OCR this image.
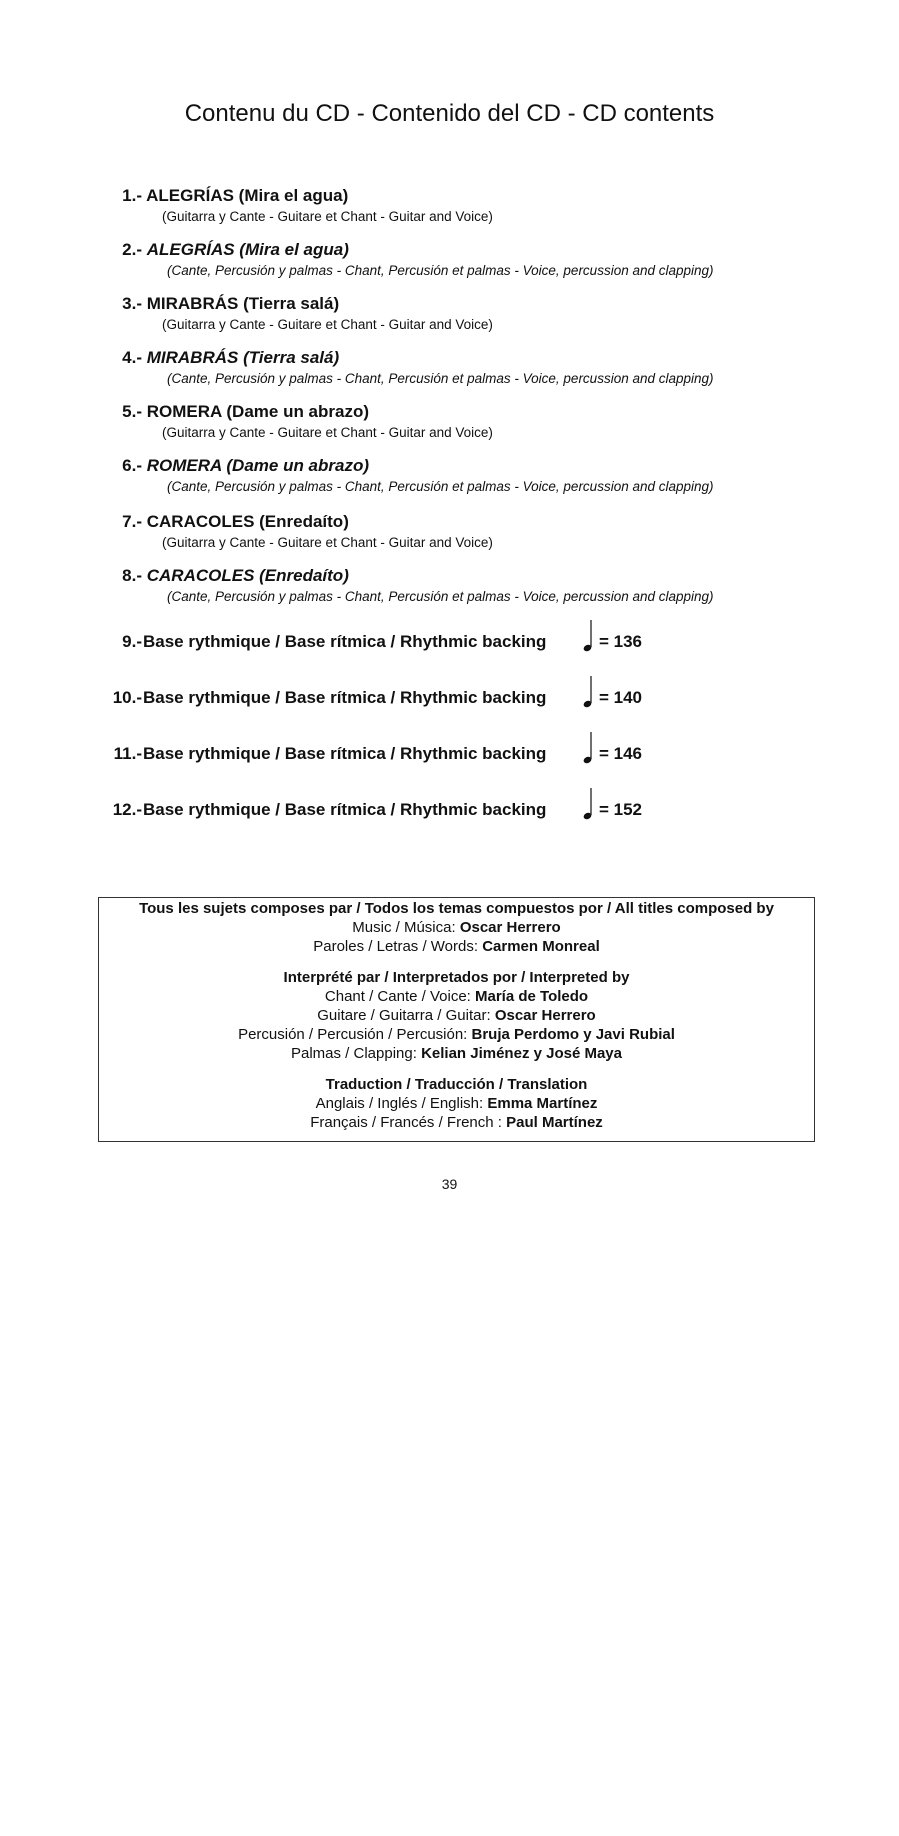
Contenu du CD - Contenido del CD - CD contents
1.- ALEGRÍAS (Mira el agua)
(Guitarra y Cante - Guitare et Chant - Guitar and Voice)
2.- ALEGRÍAS (Mira el agua)
(Cante, Percusión y palmas - Chant, Percusión et palmas - Voice, percussion and clapping)
3.- MIRABRÁS (Tierra salá)
(Guitarra y Cante - Guitare et Chant - Guitar and Voice)
4.- MIRABRÁS (Tierra salá)
(Cante, Percusión y palmas - Chant, Percusión et palmas - Voice, percussion and clapping)
5.- ROMERA (Dame un abrazo)
(Guitarra y Cante - Guitare et Chant - Guitar and Voice)
6.- ROMERA (Dame un abrazo)
(Cante, Percusión y palmas - Chant, Percusión et palmas - Voice, percussion and clapping)
7.- CARACOLES (Enredaíto)
(Guitarra y Cante - Guitare et Chant - Guitar and Voice)
8.- CARACOLES (Enredaíto)
(Cante, Percusión y palmas - Chant, Percusión et palmas - Voice, percussion and clapping)
9.- Base rythmique / Base rítmica / Rhythmic backing	= 136
10.- Base rythmique / Base rítmica / Rhythmic backing	= 140
11.- Base rythmique / Base rítmica / Rhythmic backing	= 146
12.- Base rythmique / Base rítmica / Rhythmic backing	= 152
Tous les sujets composes par / Todos los temas compuestos por / All titles composed by
Music / Música: Oscar Herrero
Paroles / Letras / Words: Carmen Monreal
Interprété par / Interpretados por / Interpreted by
Chant / Cante / Voice: María de Toledo
Guitare / Guitarra / Guitar: Oscar Herrero
Percusión / Percusión / Percusión: Bruja Perdomo y Javi Rubial
Palmas / Clapping: Kelian Jiménez y José Maya
Traduction / Traducción / Translation
Anglais / Inglés / English: Emma Martínez
Français / Francés / French : Paul Martínez
39
